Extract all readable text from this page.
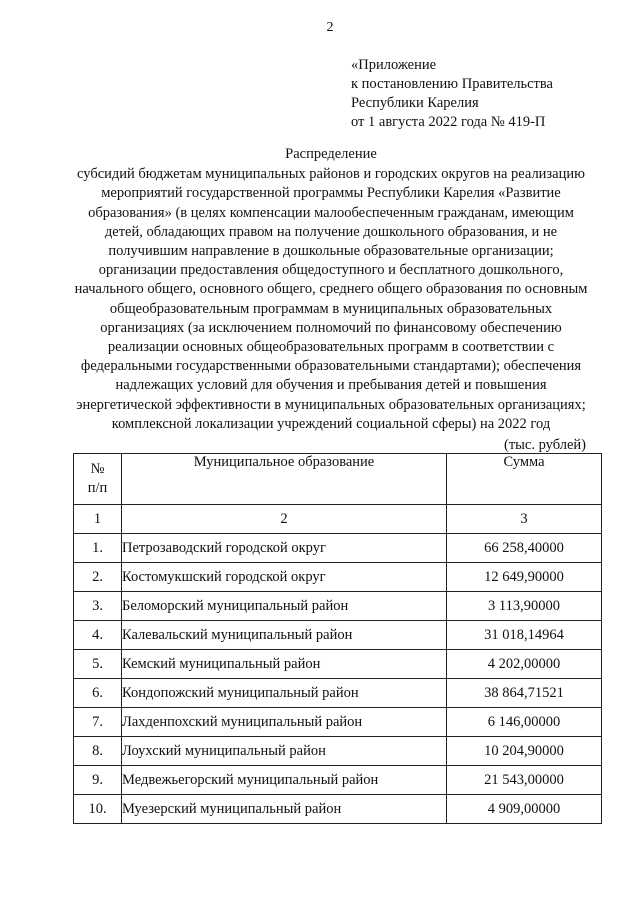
2
«Приложение
к постановлению Правительства
Республики Карелия
от 1 августа 2022 года № 419-П
Распределение
субсидий бюджетам муниципальных районов и городских округов на реализацию мероприятий государственной программы Республики Карелия «Развитие образования» (в целях компенсации малообеспеченным гражданам, имеющим детей, обладающих правом на получение дошкольного образования, и не получившим направление в дошкольные образовательные организации; организации предоставления общедоступного и бесплатного дошкольного, начального общего, основного общего, среднего общего образования по основным общеобразовательным программам в муниципальных образовательных организациях (за исключением полномочий по финансовому обеспечению реализации основных общеобразовательных программ в соответствии с федеральными государственными образовательными стандартами); обеспечения надлежащих условий для обучения и пребывания детей и повышения энергетической эффективности в муниципальных образовательных организациях; комплексной локализации учреждений социальной сферы) на 2022 год
(тыс. рублей)
№
п/п	Муниципальное образование	Сумма
1	2	3
1.	Петрозаводский городской округ	66 258,40000
2.	Костомукшский городской округ	12 649,90000
3.	Беломорский муниципальный район	3 113,90000
4.	Калевальский муниципальный район	31 018,14964
5.	Кемский муниципальный район	4 202,00000
6.	Кондопожский муниципальный район	38 864,71521
7.	Лахденпохский муниципальный район	6 146,00000
8.	Лоухский муниципальный район	10 204,90000
9.	Медвежьегорский муниципальный район	21 543,00000
10.	Муезерский муниципальный район	4 909,00000
